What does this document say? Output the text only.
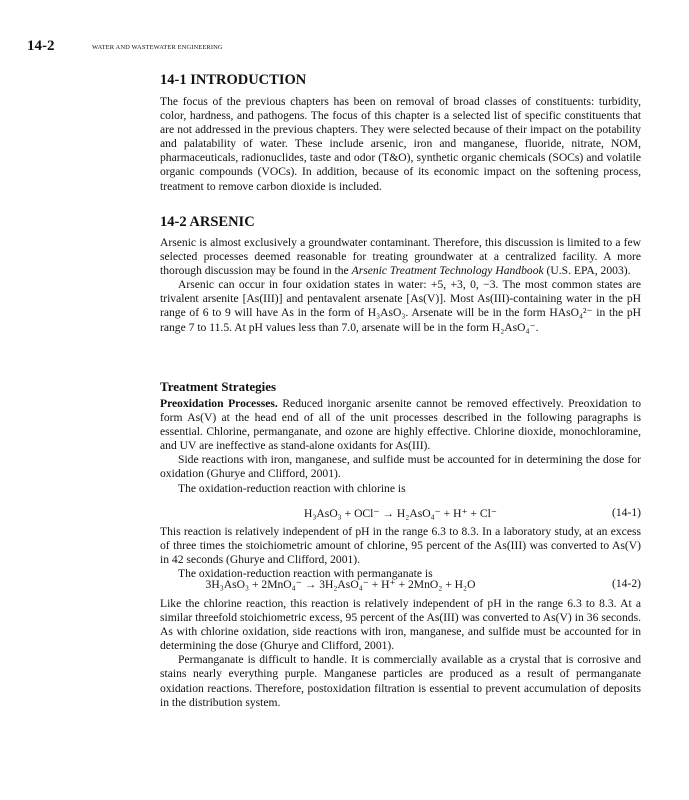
14-2	WATER AND WASTEWATER ENGINEERING
14-1 INTRODUCTION

The focus of the previous chapters has been on removal of broad classes of constituents: turbidity, color, hardness, and pathogens. The focus of this chapter is a selected list of specific constituents that are not addressed in the previous chapters. They were selected because of their impact on the potability and palatability of water. These include arsenic, iron and manganese, fluoride, nitrate, NOM, pharmaceuticals, radionuclides, taste and odor (T&O), synthetic organic chemicals (SOCs) and volatile organic compounds (VOCs). In addition, because of its economic impact on the softening process, treatment to remove carbon dioxide is included.

14-2 ARSENIC

Arsenic is almost exclusively a groundwater contaminant. Therefore, this discussion is limited to a few selected processes deemed reasonable for treating groundwater at a centralized facility. A more thorough discussion may be found in the Arsenic Treatment Technology Handbook (U.S. EPA, 2003).

Arsenic can occur in four oxidation states in water: +5, +3, 0, −3. The most common states are trivalent arsenite [As(III)] and pentavalent arsenate [As(V)]. Most As(III)-containing water in the pH range of 6 to 9 will have As in the form of H₃AsO₃. Arsenate will be in the form HAsO₄²⁻ in the pH range 7 to 11.5. At pH values less than 7.0, arsenate will be in the form H₂AsO₄⁻.

Treatment Strategies

Preoxidation Processes. Reduced inorganic arsenite cannot be removed effectively. Preoxidation to form As(V) at the head end of all of the unit processes described in the following paragraphs is essential. Chlorine, permanganate, and ozone are highly effective. Chlorine dioxide, monochloramine, and UV are ineffective as stand-alone oxidants for As(III).

Side reactions with iron, manganese, and sulfide must be accounted for in determining the dose for oxidation (Ghurye and Clifford, 2001).

The oxidation-reduction reaction with chlorine is

H₃AsO₃ + OCl⁻ → H₂AsO₄⁻ + H⁺ + Cl⁻	(14-1)

This reaction is relatively independent of pH in the range 6.3 to 8.3. In a laboratory study, at an excess of three times the stoichiometric amount of chlorine, 95 percent of the As(III) was converted to As(V) in 42 seconds (Ghurye and Clifford, 2001).

The oxidation-reduction reaction with permanganate is

3H₃AsO₃ + 2MnO₄⁻ → 3H₂AsO₄⁻ + H⁺ + 2MnO₂ + H₂O	(14-2)

Like the chlorine reaction, this reaction is relatively independent of pH in the range 6.3 to 8.3. At a similar threefold stoichiometric excess, 95 percent of the As(III) was converted to As(V) in 36 seconds. As with chlorine oxidation, side reactions with iron, manganese, and sulfide must be accounted for in determining the dose (Ghurye and Clifford, 2001).

Permanganate is difficult to handle. It is commercially available as a crystal that is corrosive and stains nearly everything purple. Manganese particles are produced as a result of permanganate oxidation reactions. Therefore, postoxidation filtration is essential to prevent accumulation of deposits in the distribution system.
